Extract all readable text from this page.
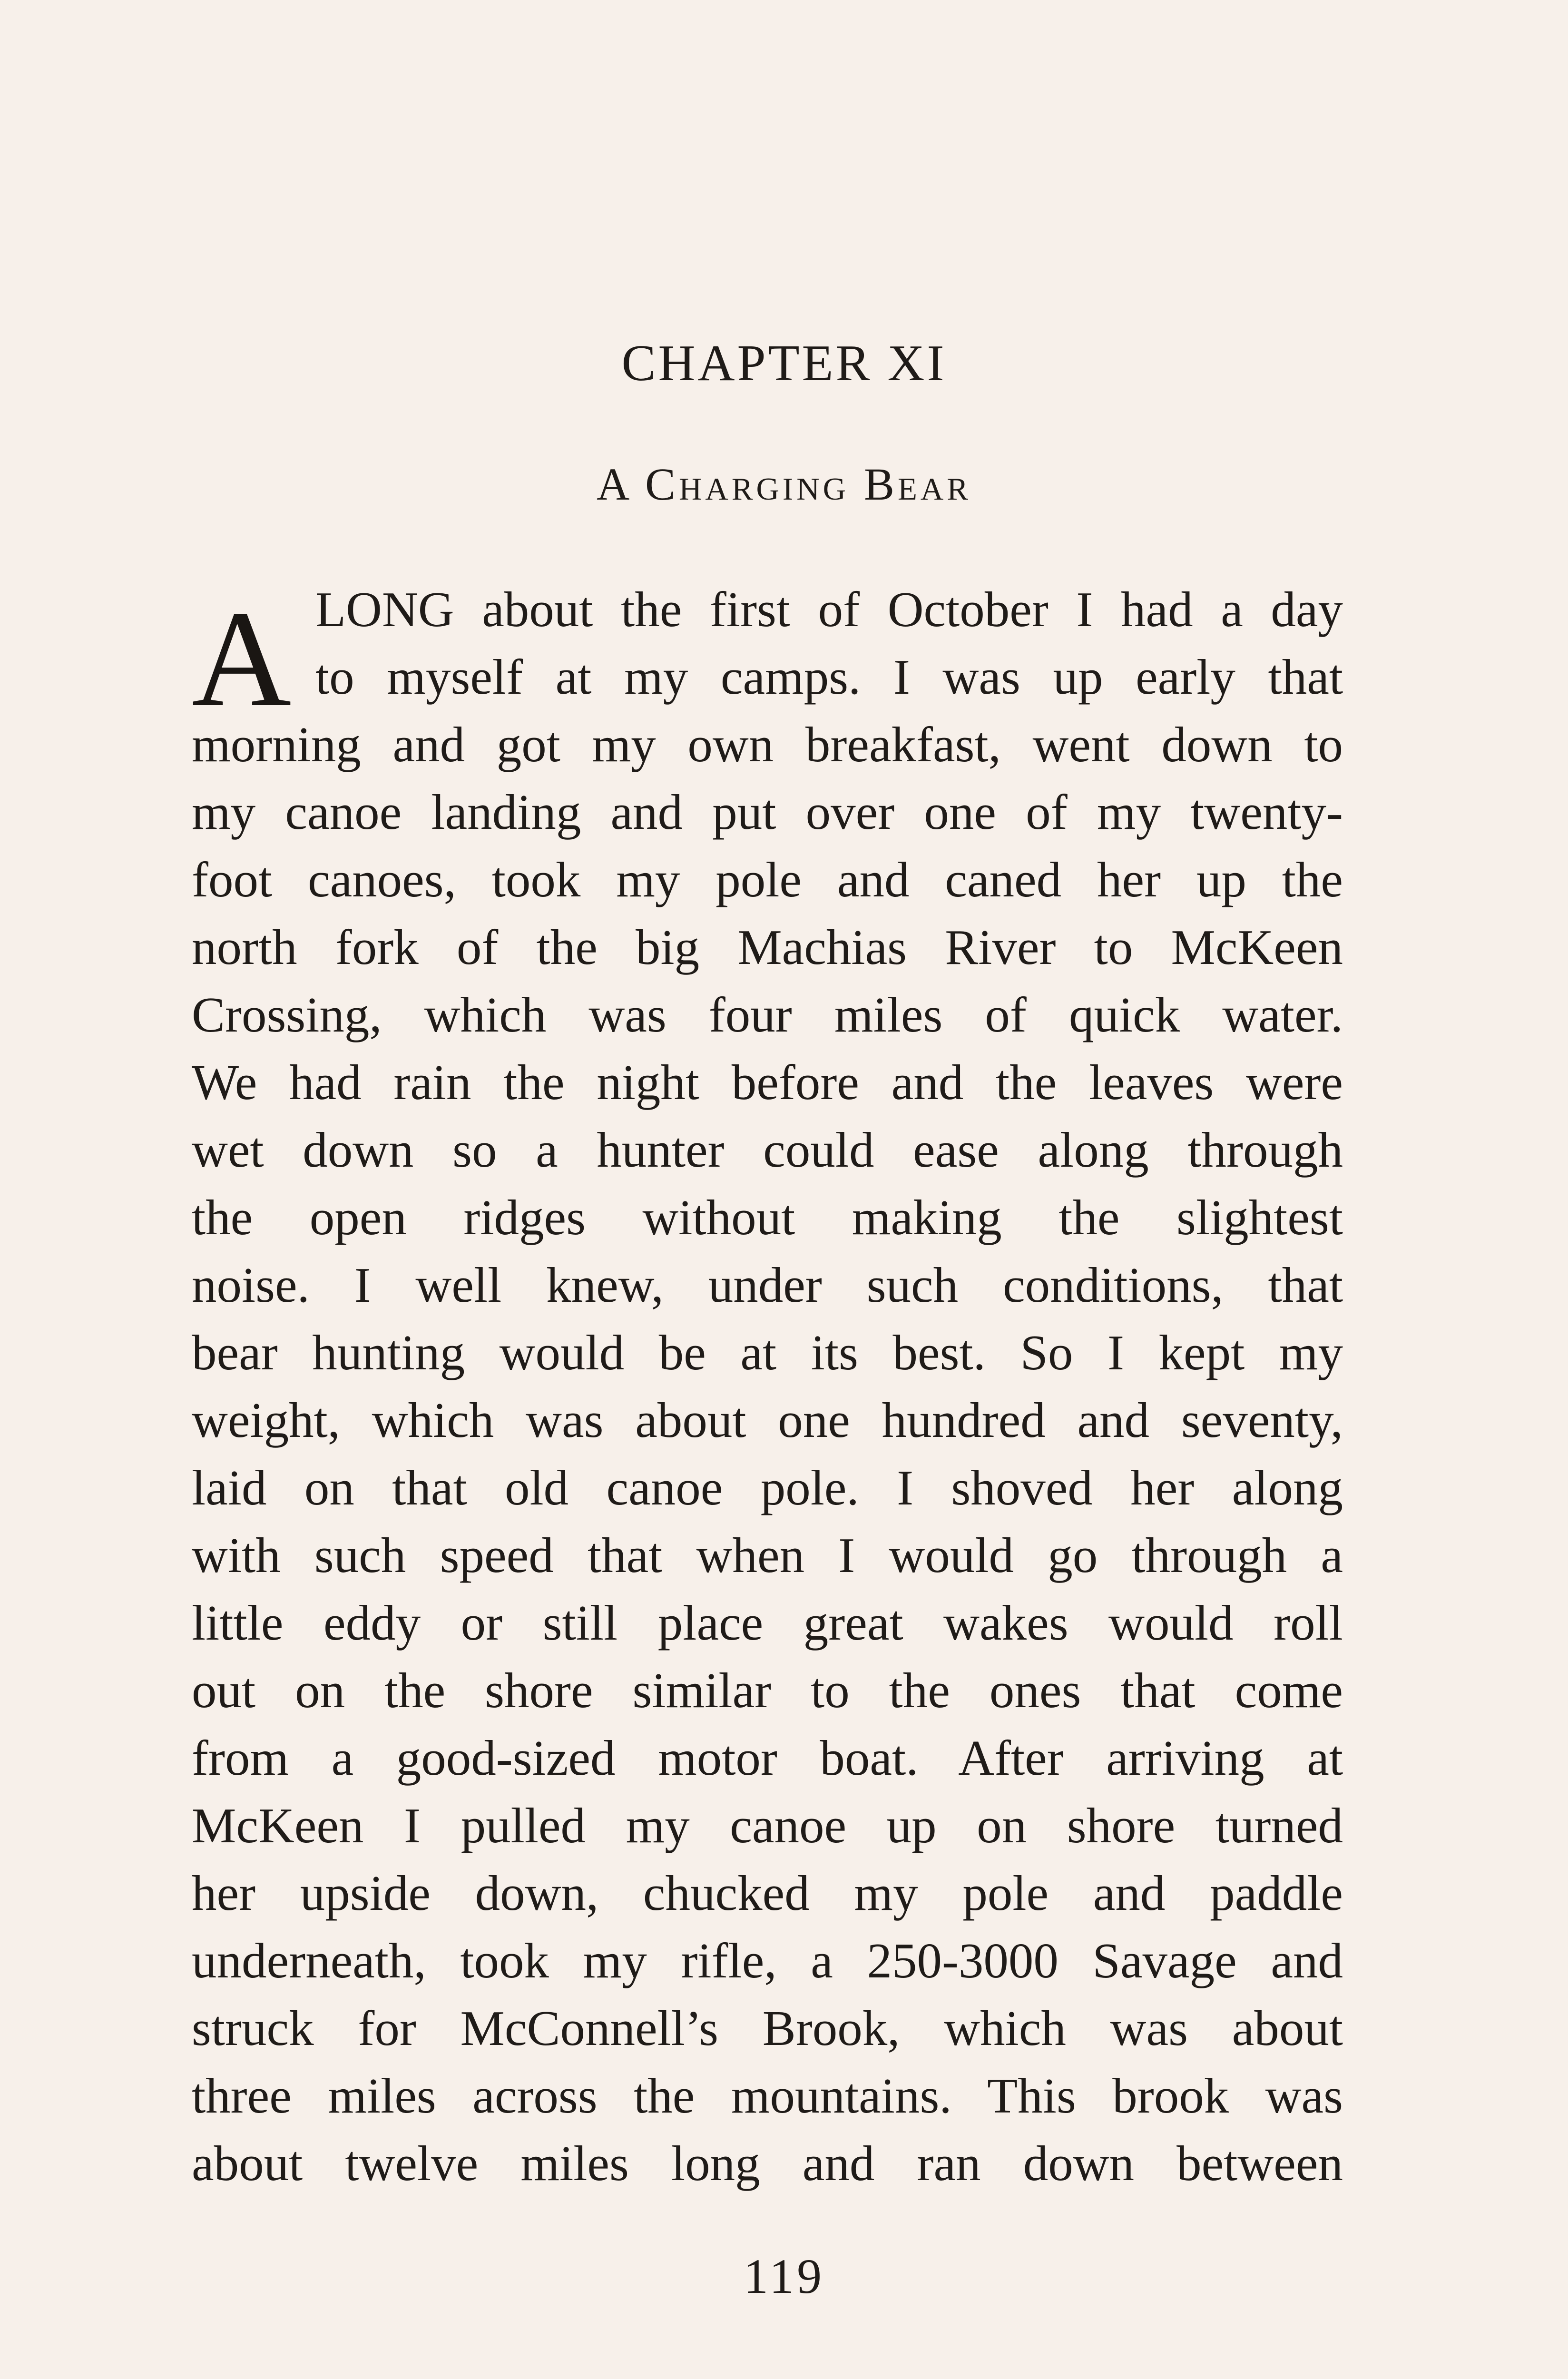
CHAPTER XI
A Charging Bear
A LONG about the first of October I had a day
to myself at my camps. I was up early that
morning and got my own breakfast, went down to
my canoe landing and put over one of my twenty-
foot canoes, took my pole and caned her up the
north fork of the big Machias River to McKeen
Crossing, which was four miles of quick water.
We had rain the night before and the leaves were
wet down so a hunter could ease along through
the open ridges without making the slightest
noise. I well knew, under such conditions, that
bear hunting would be at its best. So I kept my
weight, which was about one hundred and seventy,
laid on that old canoe pole. I shoved her along
with such speed that when I would go through a
little eddy or still place great wakes would roll
out on the shore similar to the ones that come
from a good-sized motor boat. After arriving at
McKeen I pulled my canoe up on shore turned
her upside down, chucked my pole and paddle
underneath, took my rifle, a 250-3000 Savage and
struck for McConnell’s Brook, which was about
three miles across the mountains. This brook was
about twelve miles long and ran down between
119
